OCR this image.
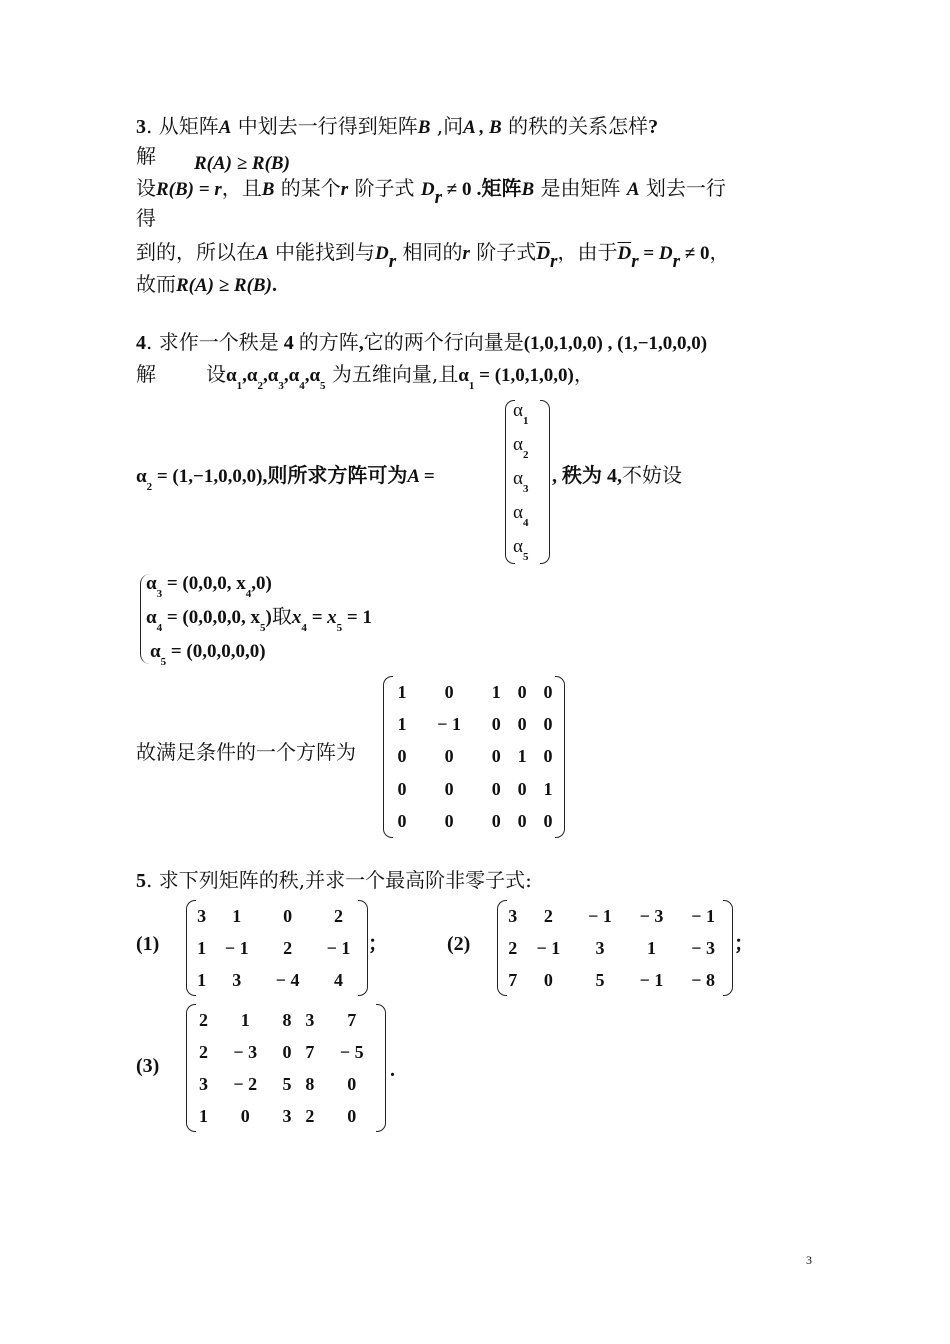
3. 从矩阵A 中划去一行得到矩阵B ,问A , B 的秩的关系怎样?
解 R(A) ≥ R(B)
设R(B) = r，且B 的某个r 阶子式 $D_r \ne 0$ .矩阵B 是由矩阵 A 划去一行
得
到的，所以在A 中能找到与$D_r$ 相同的r 阶子式$\overline{D}_r$，由于$\overline{D}_r = D_r \ne 0$，
故而R(A) ≥ R(B).
4. 求作一个秩是 4 的方阵,它的两个行向量是(1,0,1,0,0) , (1,−1,0,0,0)
解	设$\alpha_1,\alpha_2,\alpha_3,\alpha_4,\alpha_5$ 为五维向量,且$\alpha_1 = (1,0,1,0,0)$，
$\alpha_2 = (1,-1,0,0,0)$,则所求方阵可为A =
$\alpha_1$
$\alpha_2$
$\alpha_3$
$\alpha_4$
$\alpha_5$
, 秩为 4,不妨设
$\alpha_3 = (0,0,0$, $x_4,0$)
$\alpha_4 = (0,0,0,0$, $x_5$)取$x_4 = x_5 = 1$
$\alpha_5 = (0,0,0,0,0)$
故满足条件的一个方阵为
1	0	1	0	0
1	− 1	0	0	0
0	0	0	1	0
0	0	0	0	1
0	0	0	0	0
5. 求下列矩阵的秩,并求一个最高阶非零子式:
(1)
3	1	0	2
1	− 1	2	− 1
1	3	− 4	4
；	(2)
3	2	− 1	− 3	− 1
2	− 1	3	1	− 3
7	0	5	− 1	− 8
；
(3)
2	1	8	3	7
2	− 3	0	7	− 5
3	− 2	5	8	0
1	0	3	2	0
.
3
